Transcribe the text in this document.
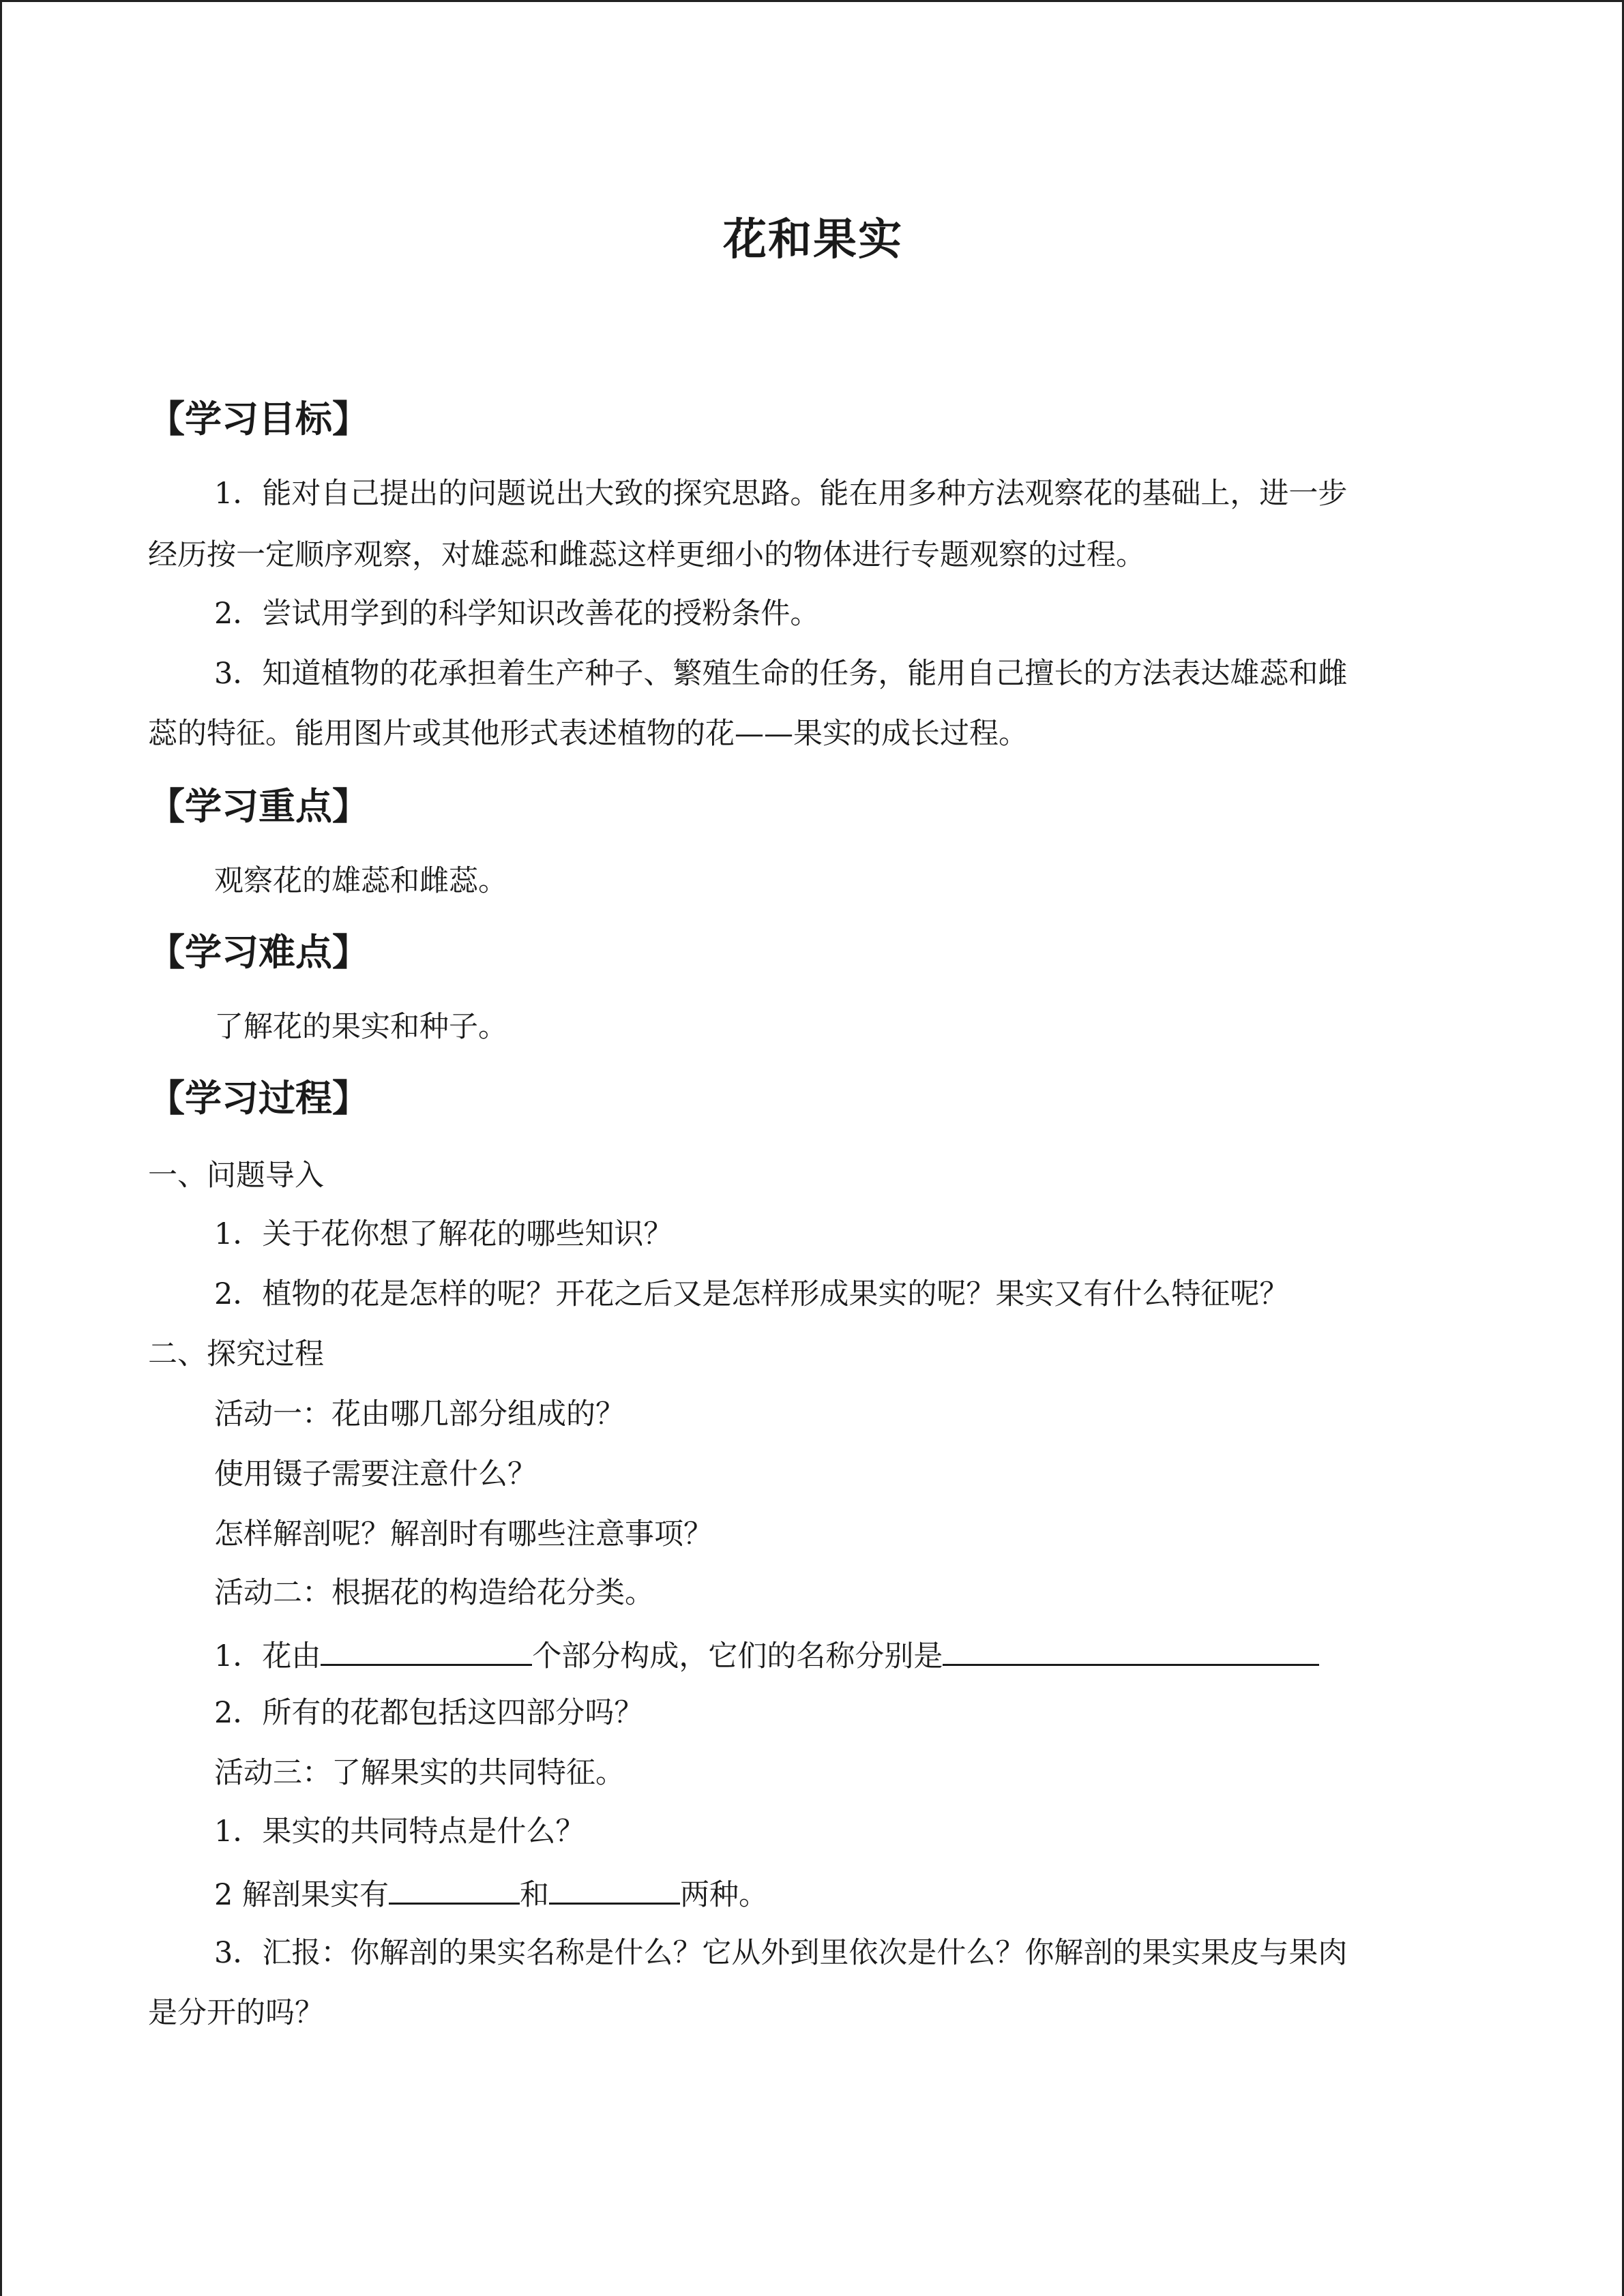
花和果实
【学习目标】
1．能对自己提出的问题说出大致的探究思路。能在用多种方法观察花的基础上，进一步
经历按一定顺序观察，对雄蕊和雌蕊这样更细小的物体进行专题观察的过程。
2．尝试用学到的科学知识改善花的授粉条件。
3．知道植物的花承担着生产种子、繁殖生命的任务，能用自己擅长的方法表达雄蕊和雌
蕊的特征。能用图片或其他形式表述植物的花——果实的成长过程。
【学习重点】
观察花的雄蕊和雌蕊。
【学习难点】
了解花的果实和种子。
【学习过程】
一、问题导入
1．关于花你想了解花的哪些知识？
2．植物的花是怎样的呢？开花之后又是怎样形成果实的呢？果实又有什么特征呢？
二、探究过程
活动一：花由哪几部分组成的？
使用镊子需要注意什么？
怎样解剖呢？解剖时有哪些注意事项？
活动二：根据花的构造给花分类。
1．花由	个部分构成，它们的名称分别是
2．所有的花都包括这四部分吗？
活动三：了解果实的共同特征。
1．果实的共同特点是什么？
2 解剖果实有	和	两种。
3．汇报：你解剖的果实名称是什么？它从外到里依次是什么？你解剖的果实果皮与果肉
是分开的吗？
